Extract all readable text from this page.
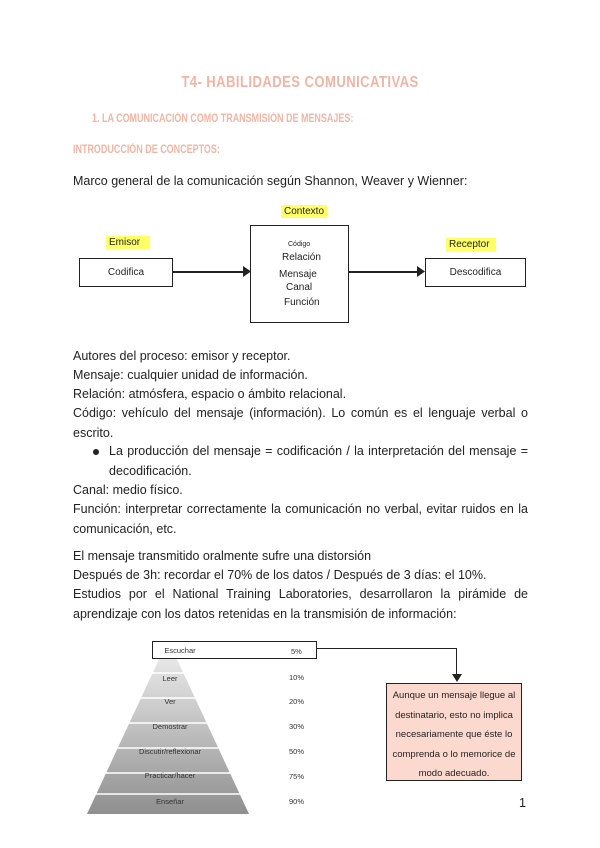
T4- HABILIDADES COMUNICATIVAS
1. LA COMUNICACIÓN COMO TRANSMISIÓN DE MENSAJES:
INTRODUCCIÓN DE CONCEPTOS:
Marco general de la comunicación según Shannon, Weaver y Wienner:
Contexto
Emisor	Receptor
Codifica
Código
Relación
Mensaje
Canal
Función
Descodifica
Autores del proceso: emisor y receptor.
Mensaje: cualquier unidad de información.
Relación: atmósfera, espacio o ámbito relacional.
Código: vehículo del mensaje (información). Lo común es el lenguaje verbal o escrito.
La producción del mensaje = codificación / la interpretación del mensaje = decodificación.
Canal: medio físico.
Función: interpretar correctamente la comunicación no verbal, evitar ruidos en la comunicación, etc.
El mensaje transmitido oralmente sufre una distorsión
Después de 3h: recordar el 70% de los datos / Después de 3 días: el 10%.
Estudios por el National Training Laboratories, desarrollaron la pirámide de aprendizaje con los datos retenidas en la transmisión de información:
Escuchar
Leer
Ver
Demostrar
Discutir/reflexionar
Practicar/hacer
Enseñar
5%
10%
20%
30%
50%
75%
90%
Aunque un mensaje llegue al destinatario, esto no implica necesariamente que éste lo comprenda o lo memorice de modo adecuado.
1
